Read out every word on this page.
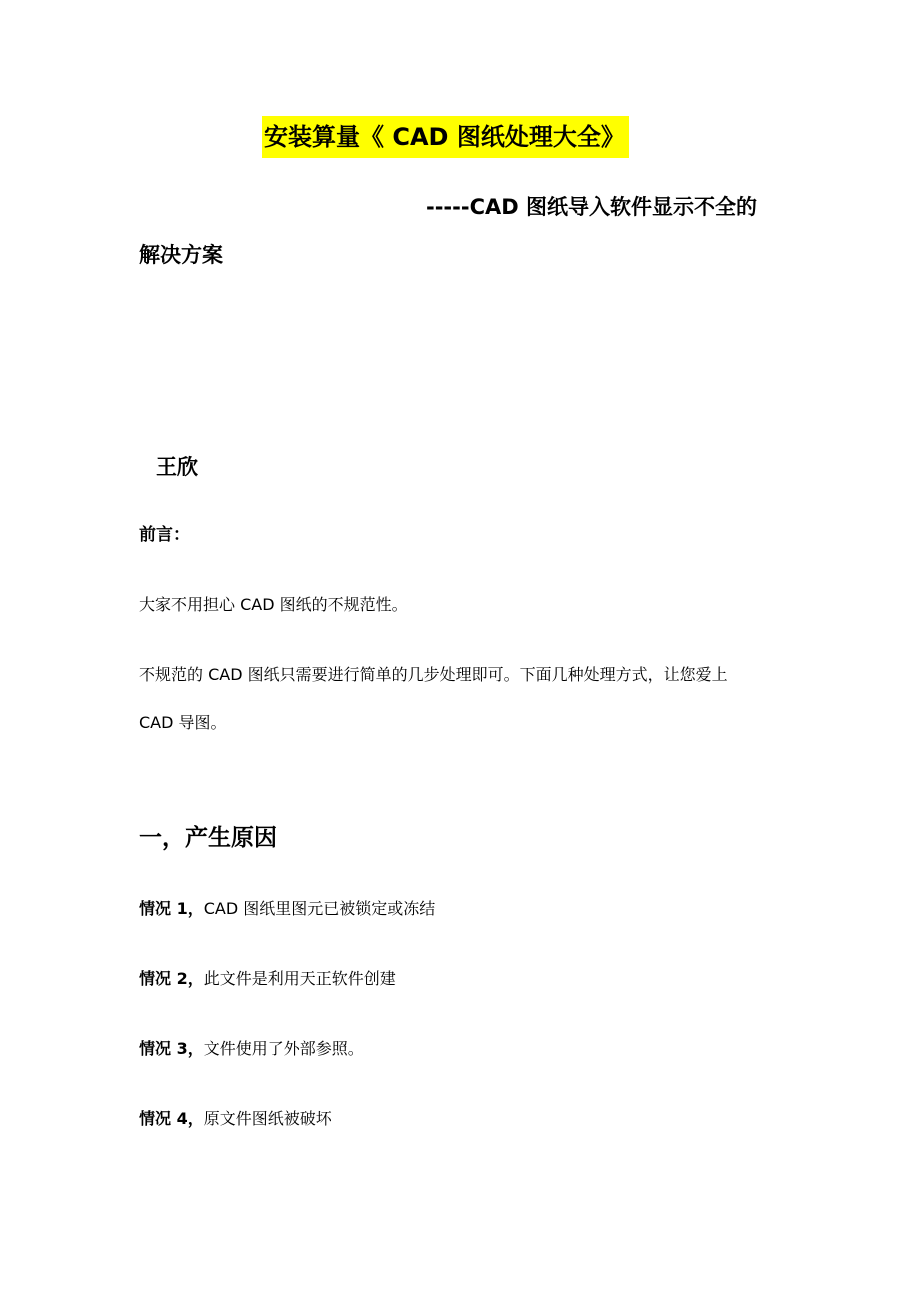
安装算量《 CAD 图纸处理大全》
-----CAD 图纸导入软件显示不全的
解决方案
王欣
前言：
大家不用担心 CAD 图纸的不规范性。
不规范的 CAD 图纸只需要进行简单的几步处理即可。下面几种处理方式，让您爱上
CAD 导图。
一，产生原因
情况 1，CAD 图纸里图元已被锁定或冻结
情况 2，此文件是利用天正软件创建
情况 3，文件使用了外部参照。
情况 4，原文件图纸被破坏
